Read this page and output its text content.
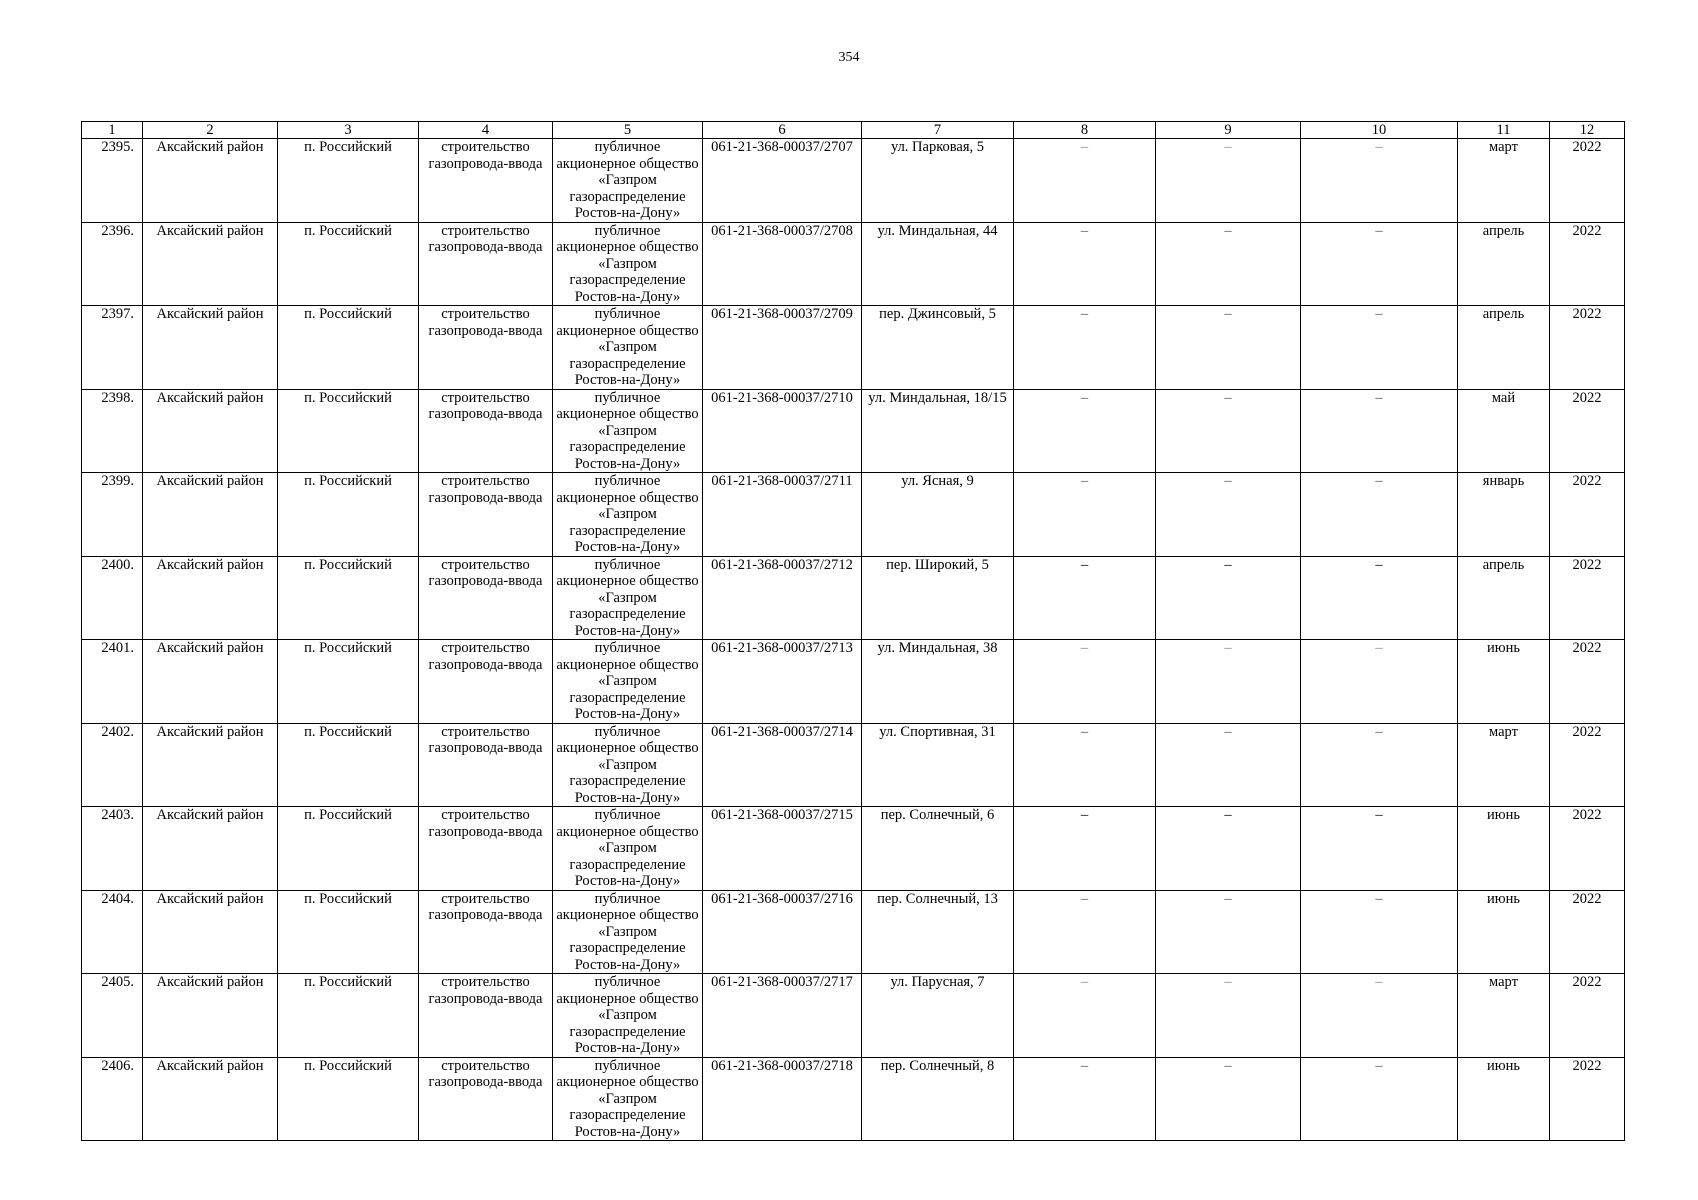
354
1	2	3	4	5	6	7	8	9	10	11	12
2395.	Аксайский район	п. Российский	строительство газопровода-ввода	публичное акционерное общество «Газпром газораспределение Ростов-на-Дону»	061-21-368-00037/2707	ул. Парковая, 5	–	–	–	март	2022
2396.	Аксайский район	п. Российский	строительство газопровода-ввода	публичное акционерное общество «Газпром газораспределение Ростов-на-Дону»	061-21-368-00037/2708	ул. Миндальная, 44	–	–	–	апрель	2022
2397.	Аксайский район	п. Российский	строительство газопровода-ввода	публичное акционерное общество «Газпром газораспределение Ростов-на-Дону»	061-21-368-00037/2709	пер. Джинсовый, 5	–	–	–	апрель	2022
2398.	Аксайский район	п. Российский	строительство газопровода-ввода	публичное акционерное общество «Газпром газораспределение Ростов-на-Дону»	061-21-368-00037/2710	ул. Миндальная, 18/15	–	–	–	май	2022
2399.	Аксайский район	п. Российский	строительство газопровода-ввода	публичное акционерное общество «Газпром газораспределение Ростов-на-Дону»	061-21-368-00037/2711	ул. Ясная, 9	–	–	–	январь	2022
2400.	Аксайский район	п. Российский	строительство газопровода-ввода	публичное акционерное общество «Газпром газораспределение Ростов-на-Дону»	061-21-368-00037/2712	пер. Широкий, 5	–	–	–	апрель	2022
2401.	Аксайский район	п. Российский	строительство газопровода-ввода	публичное акционерное общество «Газпром газораспределение Ростов-на-Дону»	061-21-368-00037/2713	ул. Миндальная, 38	–	–	–	июнь	2022
2402.	Аксайский район	п. Российский	строительство газопровода-ввода	публичное акционерное общество «Газпром газораспределение Ростов-на-Дону»	061-21-368-00037/2714	ул. Спортивная, 31	–	–	–	март	2022
2403.	Аксайский район	п. Российский	строительство газопровода-ввода	публичное акционерное общество «Газпром газораспределение Ростов-на-Дону»	061-21-368-00037/2715	пер. Солнечный, 6	–	–	–	июнь	2022
2404.	Аксайский район	п. Российский	строительство газопровода-ввода	публичное акционерное общество «Газпром газораспределение Ростов-на-Дону»	061-21-368-00037/2716	пер. Солнечный, 13	–	–	–	июнь	2022
2405.	Аксайский район	п. Российский	строительство газопровода-ввода	публичное акционерное общество «Газпром газораспределение Ростов-на-Дону»	061-21-368-00037/2717	ул. Парусная, 7	–	–	–	март	2022
2406.	Аксайский район	п. Российский	строительство газопровода-ввода	публичное акционерное общество «Газпром газораспределение Ростов-на-Дону»	061-21-368-00037/2718	пер. Солнечный, 8	–	–	–	июнь	2022
